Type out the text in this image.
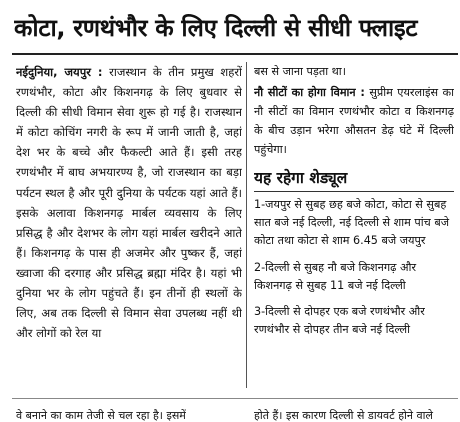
कोटा, रणथंभौर के लिए दिल्ली से सीधी फ्लाइट
नईदुनिया, जयपुर : राजस्थान के तीन प्रमुख शहरों रणथंभौर, कोटा और किशनगढ़ के लिए बुधवार से दिल्ली की सीधी विमान सेवा शुरू हो गई है। राजस्थान में कोटा कोचिंग नगरी के रूप में जानी जाती है, जहां देश भर के बच्चे और फैकल्टी आते हैं। इसी तरह रणथंभौर में बाघ अभयारण्य है, जो राजस्थान का बड़ा पर्यटन स्थल है और पूरी दुनिया के पर्यटक यहां आते हैं। इसके अलावा किशनगढ़ मार्बल व्यवसाय के लिए प्रसिद्ध है और देशभर के लोग यहां मार्बल खरीदने आते हैं। किशनगढ़ के पास ही अजमेर और पुष्कर हैं, जहां ख्वाजा की दरगाह और प्रसिद्ध ब्रह्मा मंदिर है। यहां भी दुनिया भर के लोग पहुंचते हैं। इन तीनों ही स्थलों के लिए, अब तक दिल्ली से विमान सेवा उपलब्ध नहीं थी और लोगों को रेल या

बस से जाना पड़ता था।

नौ सीटों का होगा विमान : सुप्रीम एयरलाइंस का नौ सीटों का विमान रणथंभौर कोटा व किशनगढ़ के बीच उड़ान भरेगा औसतन डेढ़ घंटे में दिल्ली पहुंचेगा।

यह रहेगा शेड्यूल

1-जयपुर से सुबह छह बजे कोटा, कोटा से सुबह सात बजे नई दिल्ली, नई दिल्ली से शाम पांच बजे कोटा तथा कोटा से शाम 6.45 बजे जयपुर

2-दिल्ली से सुबह नौ बजे किशनगढ़ और किशनगढ़ से सुबह 11 बजे नई दिल्ली

3-दिल्ली से दोपहर एक बजे रणथंभौर और रणथंभौर से दोपहर तीन बजे नई दिल्ली

वे बनाने का काम तेजी से चल रहा है। इसमें	होते हैं। इस कारण दिल्ली से डायवर्ट होने वाले
